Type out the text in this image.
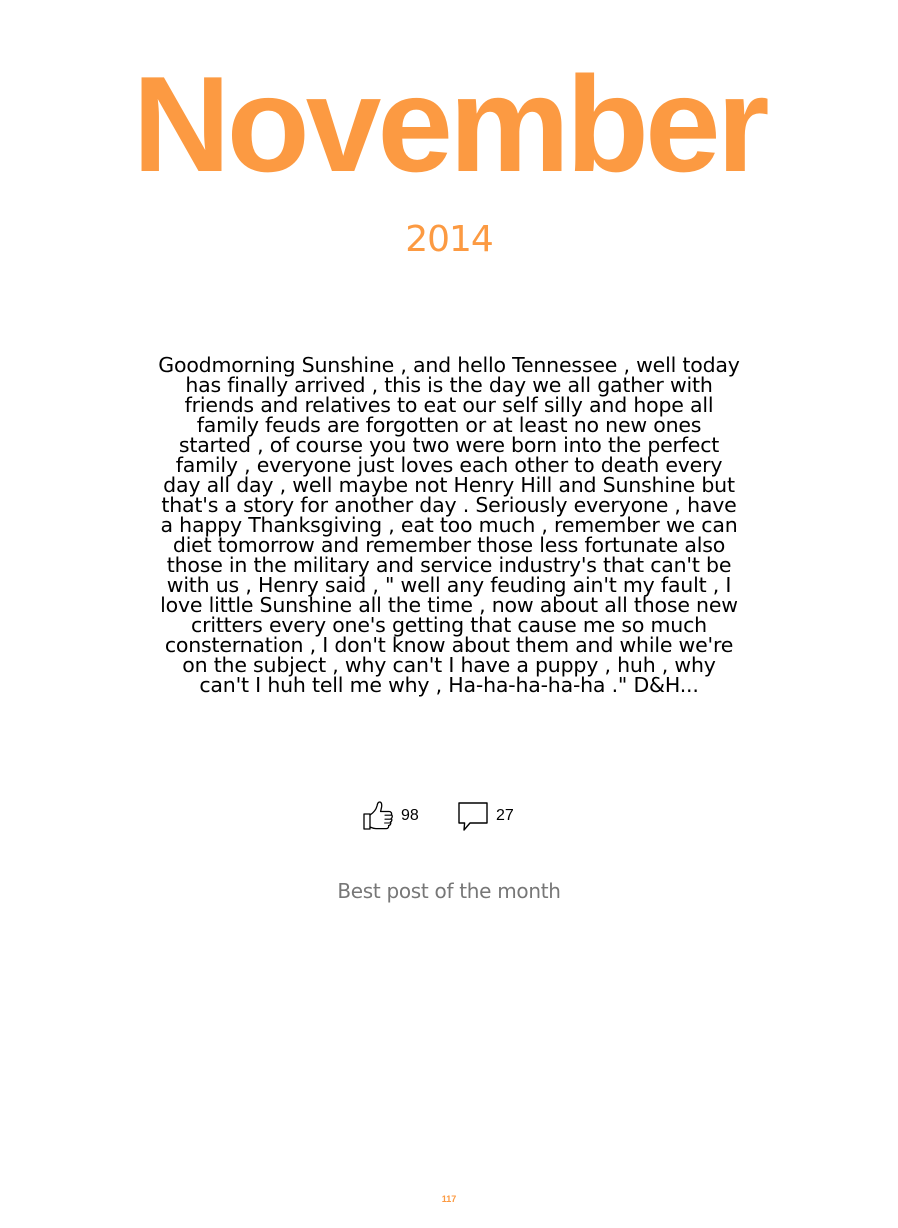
November
2014

Goodmorning Sunshine , and hello Tennessee , well today has finally arrived , this is the day we all gather with friends and relatives to eat our self silly and hope all family feuds are forgotten or at least no new ones started , of course you two were born into the perfect family , everyone just loves each other to death every day all day , well maybe not Henry Hill and Sunshine but that's a story for another day . Seriously everyone , have a happy Thanksgiving , eat too much , remember we can diet tomorrow and remember those less fortunate also those in the military and service industry's that can't be with us , Henry said , " well any feuding ain't my fault , I love little Sunshine all the time , now about all those new critters every one's getting that cause me so much consternation , I don't know about them and while we're on the subject , why can't I have a puppy , huh , why can't I huh tell me why , Ha-ha-ha-ha-ha ." D&H...

98	27
Best post of the month
117
